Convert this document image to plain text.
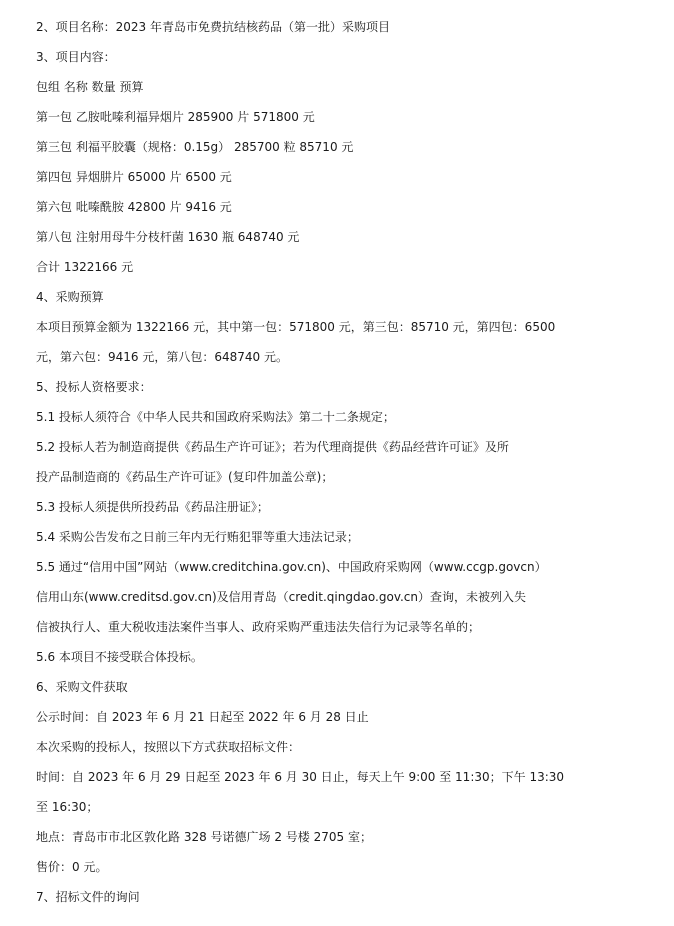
2、项目名称：2023 年青岛市免费抗结核药品（第一批）采购项目
3、项目内容：
包组 名称 数量 预算
第一包 乙胺吡嗪利福异烟片 285900 片 571800 元
第三包 利福平胶囊（规格：0.15g） 285700 粒 85710 元
第四包 异烟肼片 65000 片 6500 元
第六包 吡嗪酰胺 42800 片 9416 元
第八包 注射用母牛分枝杆菌 1630 瓶 648740 元
合计 1322166 元
4、采购预算
本项目预算金额为 1322166 元，其中第一包：571800 元，第三包：85710 元，第四包：6500
元，第六包：9416 元，第八包：648740 元。
5、投标人资格要求：
5.1 投标人须符合《中华人民共和国政府采购法》第二十二条规定；
5.2 投标人若为制造商提供《药品生产许可证》；若为代理商提供《药品经营许可证》及所
投产品制造商的《药品生产许可证》(复印件加盖公章)；
5.3 投标人须提供所投药品《药品注册证》；
5.4 采购公告发布之日前三年内无行贿犯罪等重大违法记录；
5.5 通过“信用中国”网站（www.creditchina.gov.cn)、中国政府采购网（www.ccgp.govcn）
信用山东(www.creditsd.gov.cn)及信用青岛（credit.qingdao.gov.cn）查询，未被列入失
信被执行人、重大税收违法案件当事人、政府采购严重违法失信行为记录等名单的；
5.6 本项目不接受联合体投标。
6、采购文件获取
公示时间：自 2023 年 6 月 21 日起至 2022 年 6 月 28 日止
本次采购的投标人，按照以下方式获取招标文件：
时间：自 2023 年 6 月 29 日起至 2023 年 6 月 30 日止，每天上午 9:00 至 11:30；下午 13:30
至 16:30；
地点：青岛市市北区敦化路 328 号诺德广场 2 号楼 2705 室；
售价：0 元。
7、招标文件的询问
